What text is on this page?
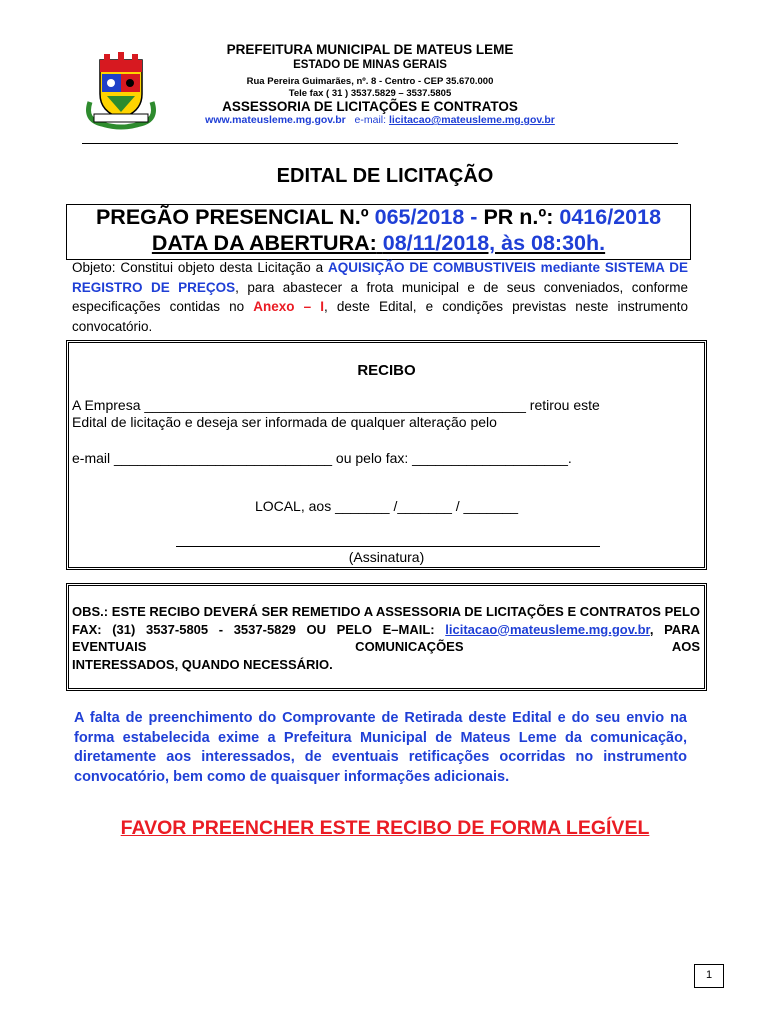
PREFEITURA MUNICIPAL DE MATEUS LEME
ESTADO DE MINAS GERAIS
Rua Pereira Guimarães, nº. 8 - Centro - CEP 35.670.000
Tele fax ( 31 ) 3537.5829 – 3537.5805
ASSESSORIA DE LICITAÇÕES E CONTRATOS
www.mateusleme.mg.gov.br e-mail: licitacao@mateusleme.mg.gov.br
EDITAL DE LICITAÇÃO
PREGÃO PRESENCIAL N.º 065/2018 - PR n.º: 0416/2018
DATA DA ABERTURA: 08/11/2018, às 08:30h.
Objeto: Constitui objeto desta Licitação a AQUISIÇÃO DE COMBUSTIVEIS mediante SISTEMA DE REGISTRO DE PREÇOS, para abastecer a frota municipal e de seus conveniados, conforme especificações contidas no Anexo – I, deste Edital, e condições previstas neste instrumento convocatório.
RECIBO
A Empresa _________________________________________________ retirou este
Edital de licitação e deseja ser informada de qualquer alteração pelo
e-mail ____________________________ ou pelo fax: ____________________.
LOCAL, aos _______ /_______ / _______
(Assinatura)
OBS.: ESTE RECIBO DEVERÁ SER REMETIDO A ASSESSORIA DE LICITAÇÕES E CONTRATOS PELO FAX: (31) 3537-5805 - 3537-5829 OU PELO E–MAIL: licitacao@mateusleme.mg.gov.br, PARA EVENTUAIS COMUNICAÇÕES AOS
INTERESSADOS, QUANDO NECESSÁRIO.
A falta de preenchimento do Comprovante de Retirada deste Edital e do seu envio na forma estabelecida exime a Prefeitura Municipal de Mateus Leme da comunicação, diretamente aos interessados, de eventuais retificações ocorridas no instrumento convocatório, bem como de quaisquer informações adicionais.
FAVOR PREENCHER ESTE RECIBO DE FORMA LEGÍVEL
1
